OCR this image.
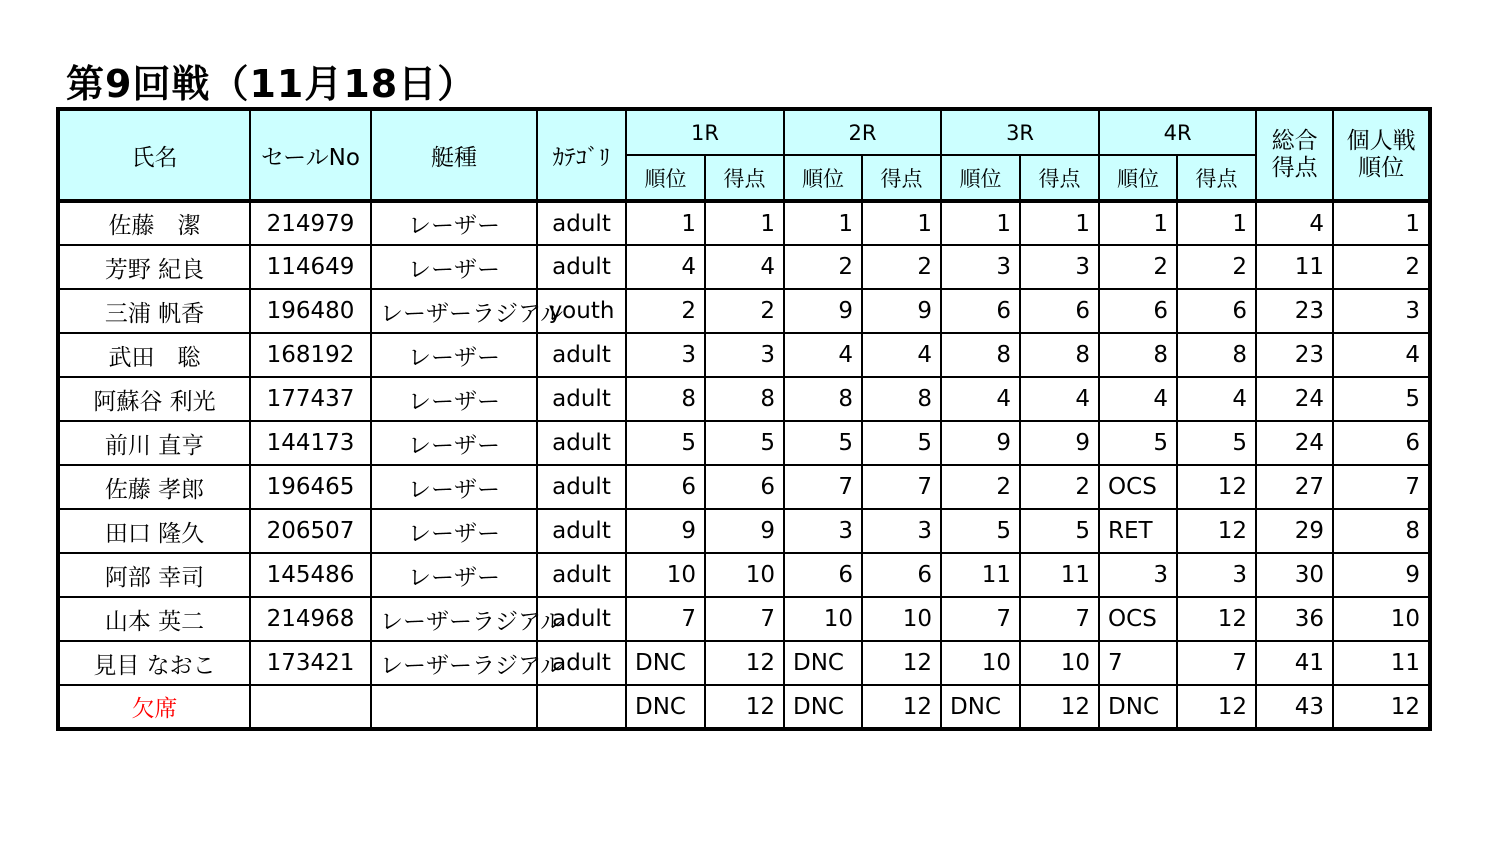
第9回戦（11月18日）
氏名	セールNo	艇種	ｶﾃｺﾞﾘ	1R		2R		3R		4R		総合得点	個人戦順位
				順位	得点	順位	得点	順位	得点	順位	得点		
佐藤　潔	214979	レーザー	adult	1	1	1	1	1	1	1	1	4	1
芳野 紀良	114649	レーザー	adult	4	4	2	2	3	3	2	2	11	2
三浦 帆香	196480	レーザーラジアル	youth	2	2	9	9	6	6	6	6	23	3
武田　聡	168192	レーザー	adult	3	3	4	4	8	8	8	8	23	4
阿蘇谷 利光	177437	レーザー	adult	8	8	8	8	4	4	4	4	24	5
前川 直亨	144173	レーザー	adult	5	5	5	5	9	9	5	5	24	6
佐藤 孝郎	196465	レーザー	adult	6	6	7	7	2	2	OCS	12	27	7
田口 隆久	206507	レーザー	adult	9	9	3	3	5	5	RET	12	29	8
阿部 幸司	145486	レーザー	adult	10	10	6	6	11	11	3	3	30	9
山本 英二	214968	レーザーラジアル	adult	7	7	10	10	7	7	OCS	12	36	10
見目 なおこ	173421	レーザーラジアル	adult	DNC	12	DNC	12	10	10	7	7	41	11
欠席				DNC	12	DNC	12	DNC	12	DNC	12	43	12
